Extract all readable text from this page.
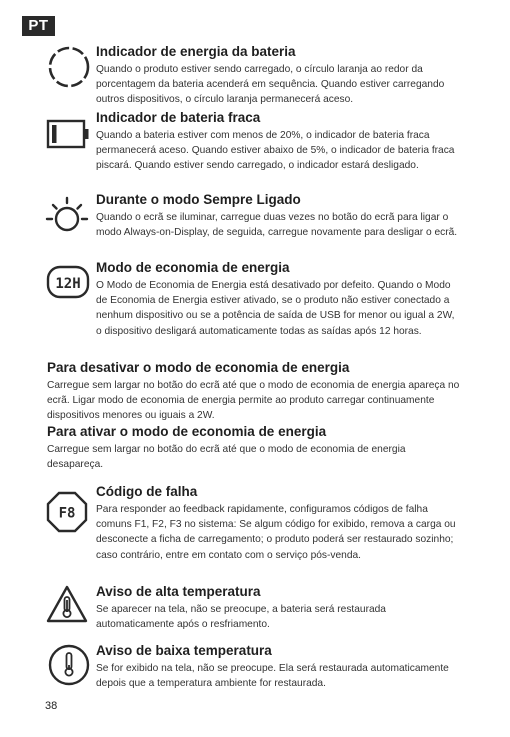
PT
Indicador de energia da bateria
Quando o produto estiver sendo carregado, o círculo laranja ao redor da porcentagem da bateria acenderá em sequência. Quando estiver carregando outros dispositivos, o círculo laranja permanecerá aceso.
Indicador de bateria fraca
Quando a bateria estiver com menos de 20%, o indicador de bateria fraca permanecerá aceso. Quando estiver abaixo de 5%, o indicador de bateria fraca piscará. Quando estiver sendo carregado, o indicador estará desligado.
Durante o modo Sempre Ligado
Quando o ecrã se iluminar, carregue duas vezes no botão do ecrã para ligar o modo Always-on-Display, de seguida, carregue novamente para desligar o ecrã.
12H
Modo de economia de energia
O Modo de Economia de Energia está desativado por defeito. Quando o Modo de Economia de Energia estiver ativado, se o produto não estiver conectado a nenhum dispositivo ou se a potência de saída de USB for menor ou igual a 2W, o dispositivo desligará automaticamente todas as saídas após 12 horas.
Para desativar o modo de economia de energia
Carregue sem largar no botão do ecrã até que o modo de economia de energia apareça no ecrã. Ligar modo de economia de energia permite ao produto carregar continuamente dispositivos menores ou iguais a 2W.
Para ativar o modo de economia de energia
Carregue sem largar no botão do ecrã até que o modo de economia de energia desapareça.
F8
Código de falha
Para responder ao feedback rapidamente, configuramos códigos de falha comuns F1, F2, F3 no sistema: Se algum código for exibido, remova a carga ou desconecte a ficha de carregamento; o produto poderá ser restaurado sozinho; caso contrário, entre em contato com o serviço pós-venda.
Aviso de alta temperatura
Se aparecer na tela, não se preocupe, a bateria será restaurada automaticamente após o resfriamento.
Aviso de baixa temperatura
Se for exibido na tela, não se preocupe. Ela será restaurada automaticamente depois que a temperatura ambiente for restaurada.
38
